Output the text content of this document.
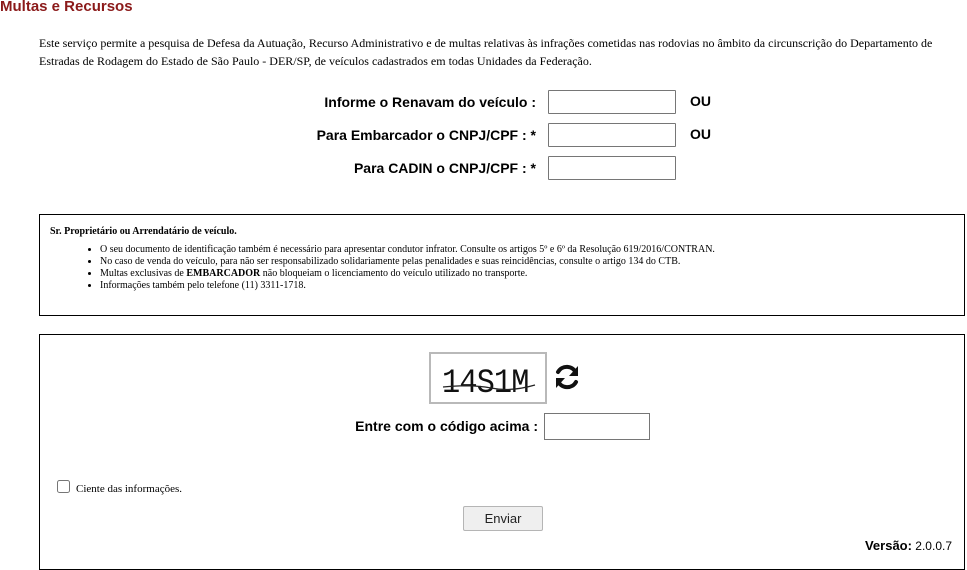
Multas e Recursos
Este serviço permite a pesquisa de Defesa da Autuação, Recurso Administrativo e de multas relativas às infrações cometidas nas rodovias no âmbito da circunscrição do Departamento de Estradas de Rodagem do Estado de São Paulo - DER/SP, de veículos cadastrados em todas Unidades da Federação.
Informe o Renavam do veículo :	OU
Para Embarcador o CNPJ/CPF : *	OU
Para CADIN o CNPJ/CPF : *
Sr. Proprietário ou Arrendatário de veículo.
• O seu documento de identificação também é necessário para apresentar condutor infrator. Consulte os artigos 5º e 6º da Resolução 619/2016/CONTRAN.
• No caso de venda do veículo, para não ser responsabilizado solidariamente pelas penalidades e suas reincidências, consulte o artigo 134 do CTB.
• Multas exclusivas de EMBARCADOR não bloqueiam o licenciamento do veículo utilizado no transporte.
• Informações também pelo telefone (11) 3311-1718.
14S1M
Entre com o código acima :
Ciente das informações.
Enviar
Versão: 2.0.0.7
